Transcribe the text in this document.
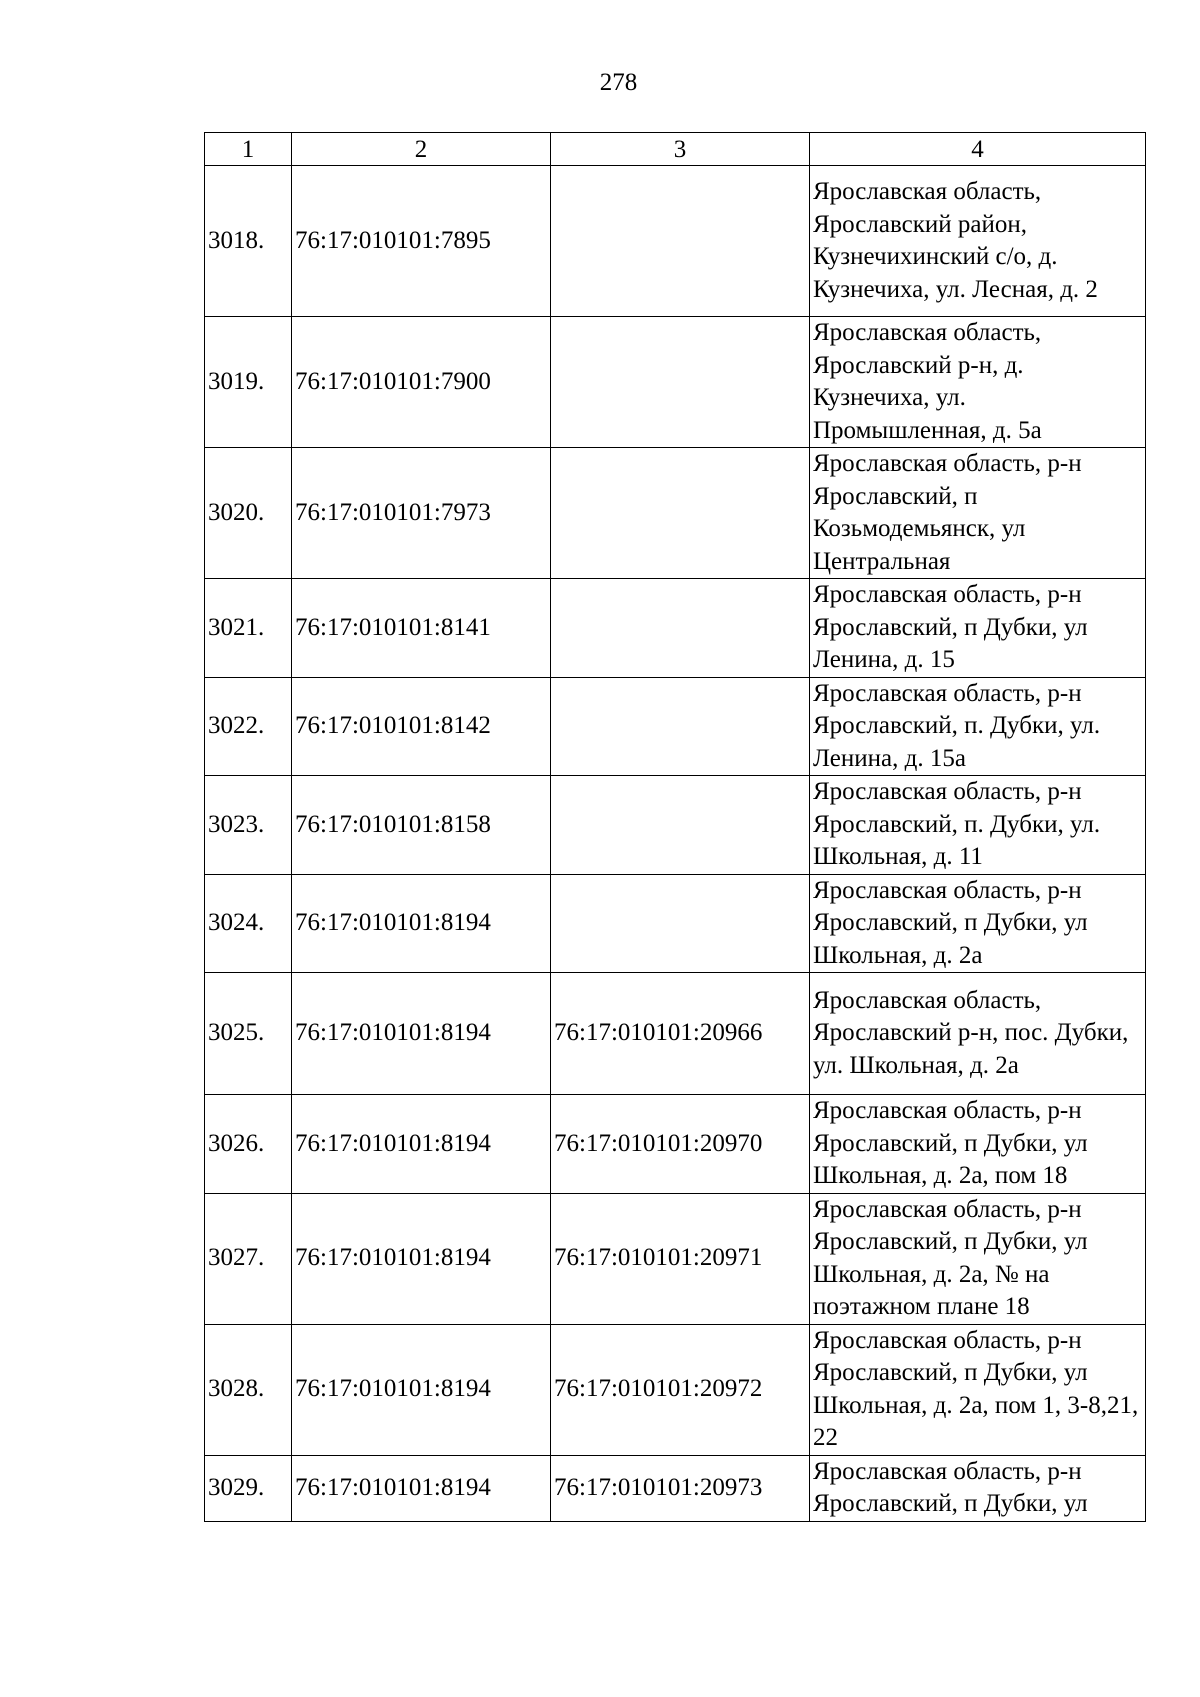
278
1	2	3	4
3018.	76:17:010101:7895		Ярославская область, Ярославский район, Кузнечихинский с/о, д. Кузнечиха, ул. Лесная, д. 2
3019.	76:17:010101:7900		Ярославская область, Ярославский р-н, д. Кузнечиха, ул. Промышленная, д. 5а
3020.	76:17:010101:7973		Ярославская область, р-н Ярославский, п Козьмодемьянск, ул Центральная
3021.	76:17:010101:8141		Ярославская область, р-н Ярославский, п Дубки, ул Ленина, д. 15
3022.	76:17:010101:8142		Ярославская область, р-н Ярославский, п. Дубки, ул. Ленина, д. 15а
3023.	76:17:010101:8158		Ярославская область, р-н Ярославский, п. Дубки, ул. Школьная, д. 11
3024.	76:17:010101:8194		Ярославская область, р-н Ярославский, п Дубки, ул Школьная, д. 2а
3025.	76:17:010101:8194	76:17:010101:20966	Ярославская область, Ярославский р-н, пос. Дубки, ул. Школьная, д. 2а
3026.	76:17:010101:8194	76:17:010101:20970	Ярославская область, р-н Ярославский, п Дубки, ул Школьная, д. 2а, пом 18
3027.	76:17:010101:8194	76:17:010101:20971	Ярославская область, р-н Ярославский, п Дубки, ул Школьная, д. 2а, № на поэтажном плане 18
3028.	76:17:010101:8194	76:17:010101:20972	Ярославская область, р-н Ярославский, п Дубки, ул Школьная, д. 2а, пом 1, 3-8,21, 22
3029.	76:17:010101:8194	76:17:010101:20973	Ярославская область, р-н Ярославский, п Дубки, ул
